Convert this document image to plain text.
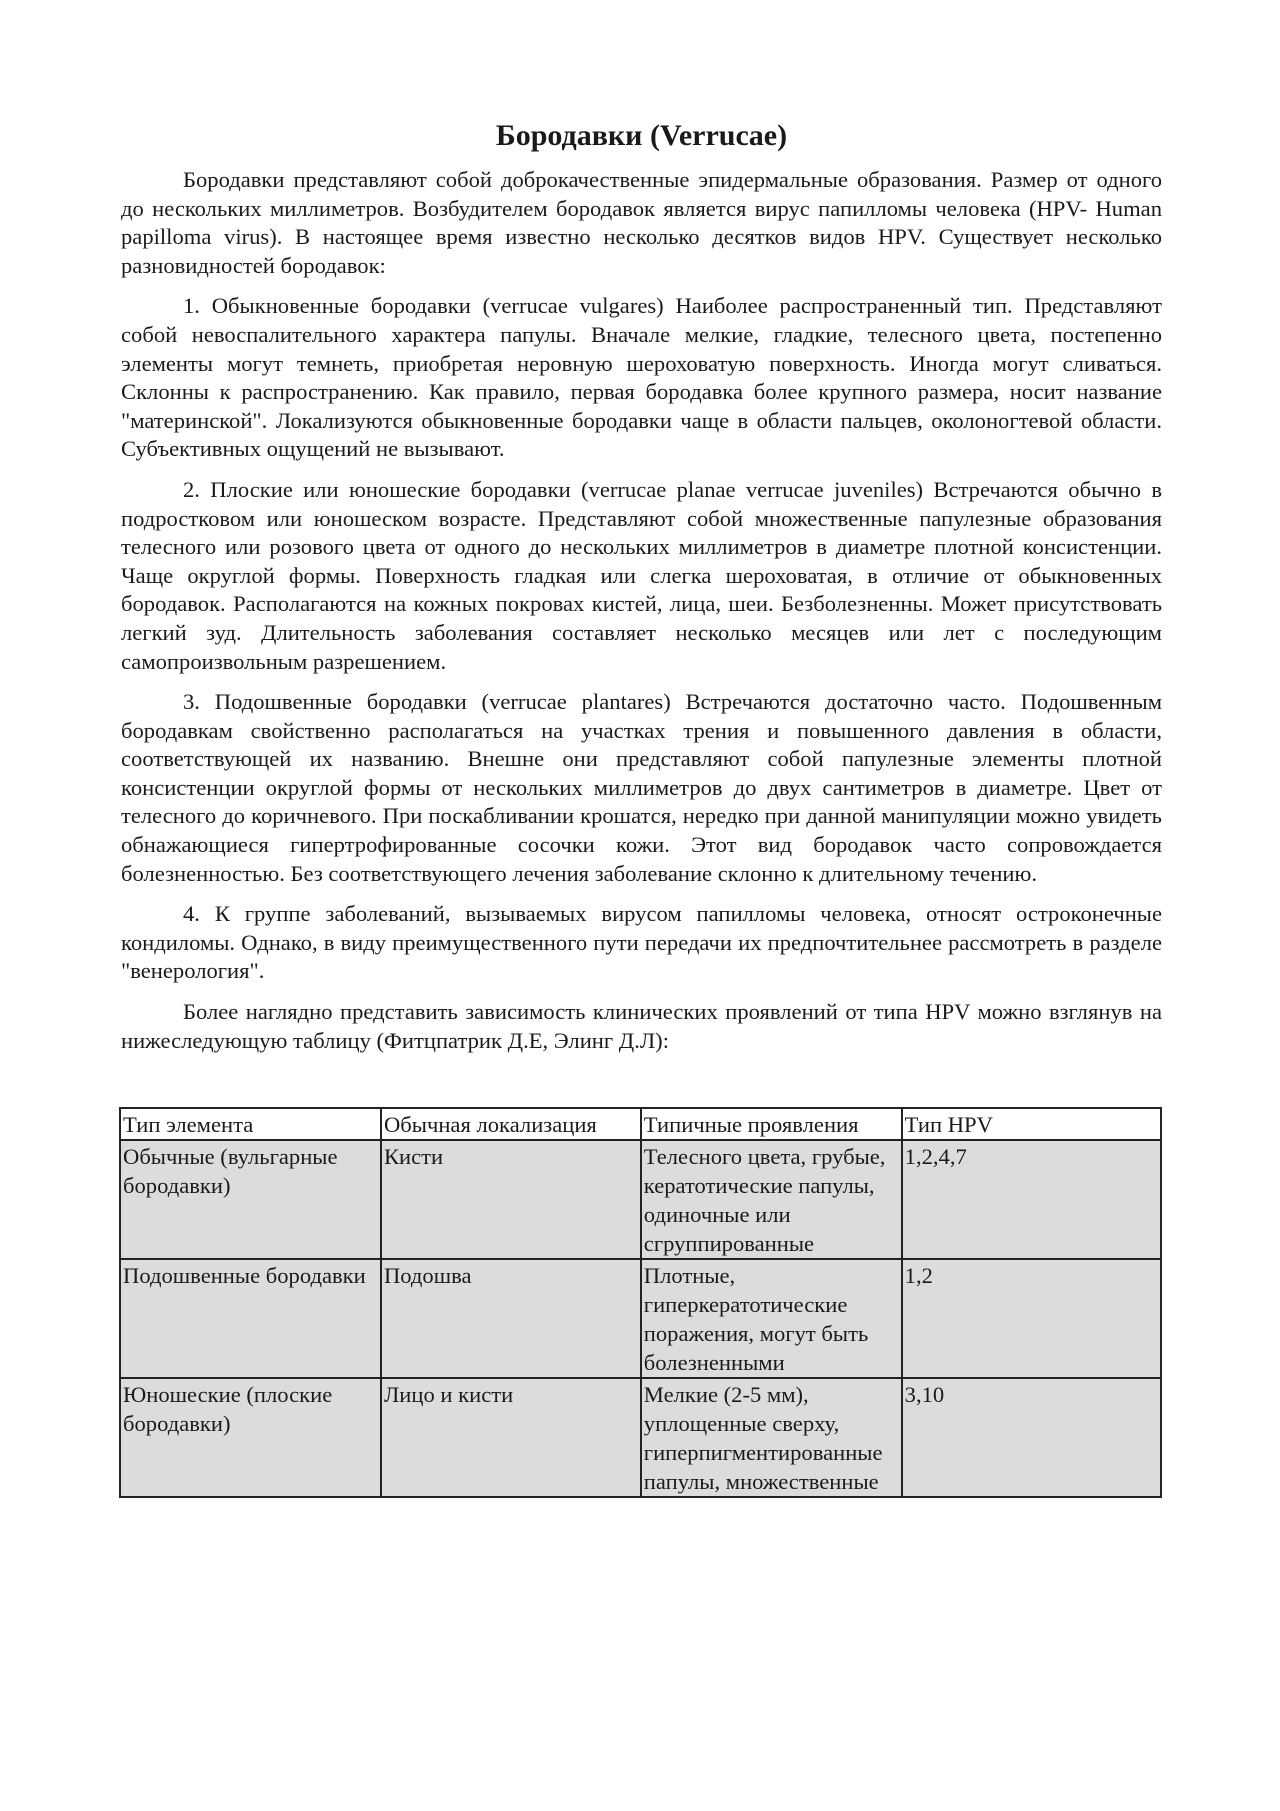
Бородавки (Verrucae)

Бородавки представляют собой доброкачественные эпидермальные образования. Размер от одного до нескольких миллиметров. Возбудителем бородавок является вирус папилломы человека (HPV- Human papilloma virus). В настоящее время известно несколько десятков видов HPV. Существует несколько разновидностей бородавок:

1. Обыкновенные бородавки (verrucae vulgares) Наиболее распространенный тип. Представляют собой невоспалительного характера папулы. Вначале мелкие, гладкие, телесного цвета, постепенно элементы могут темнеть, приобретая неровную шероховатую поверхность. Иногда могут сливаться. Склонны к распространению. Как правило, первая бородавка более крупного размера, носит название "материнской". Локализуются обыкновенные бородавки чаще в области пальцев, околоногтевой области. Субъективных ощущений не вызывают.

2. Плоские или юношеские бородавки (verrucae planae verrucae juveniles) Встречаются обычно в подростковом или юношеском возрасте. Представляют собой множественные папулезные образования телесного или розового цвета от одного до нескольких миллиметров в диаметре плотной консистенции. Чаще округлой формы. Поверхность гладкая или слегка шероховатая, в отличие от обыкновенных бородавок. Располагаются на кожных покровах кистей, лица, шеи. Безболезненны. Может присутствовать легкий зуд. Длительность заболевания составляет несколько месяцев или лет с последующим самопроизвольным разрешением.

3. Подошвенные бородавки (verrucae plantares) Встречаются достаточно часто. Подошвенным бородавкам свойственно располагаться на участках трения и повышенного давления в области, соответствующей их названию. Внешне они представляют собой папулезные элементы плотной консистенции округлой формы от нескольких миллиметров до двух сантиметров в диаметре. Цвет от телесного до коричневого. При поскабливании крошатся, нередко при данной манипуляции можно увидеть обнажающиеся гипертрофированные сосочки кожи. Этот вид бородавок часто сопровождается болезненностью. Без соответствующего лечения заболевание склонно к длительному течению.

4. К группе заболеваний, вызываемых вирусом папилломы человека, относят остроконечные кондиломы. Однако, в виду преимущественного пути передачи их предпочтительнее рассмотреть в разделе "венерология".

Более наглядно представить зависимость клинических проявлений от типа HPV можно взглянув на нижеследующую таблицу (Фитцпатрик Д.Е, Элинг Д.Л):

Тип элемента	Обычная локализация	Типичные проявления	Тип HPV
Обычные (вульгарные бородавки)	Кисти	Телесного цвета, грубые, кератотические папулы, одиночные или сгруппированные	1,2,4,7
Подошвенные бородавки	Подошва	Плотные, гиперкератотические поражения, могут быть болезненными	1,2
Юношеские (плоские бородавки)	Лицо и кисти	Мелкие (2-5 мм), уплощенные сверху, гиперпигментированные папулы, множественные	3,10
